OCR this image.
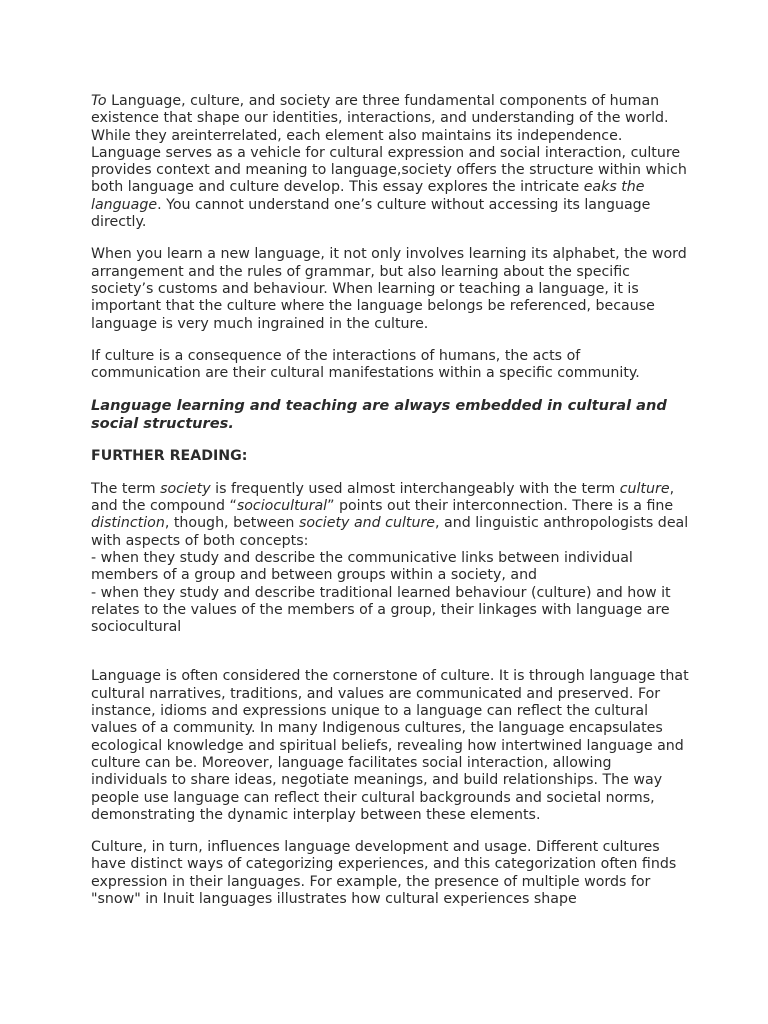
To Language, culture, and society are three fundamental components of human existence that shape our identities, interactions, and understanding of the world. While they areinterrelated, each element also maintains its independence. Language serves as a vehicle for cultural expression and social interaction, culture provides context and meaning to language,society offers the structure within which both language and culture develop. This essay explores the intricate eaks the language. You cannot understand one’s culture without accessing its language directly.

When you learn a new language, it not only involves learning its alphabet, the word arrangement and the rules of grammar, but also learning about the specific society’s customs and behaviour. When learning or teaching a language, it is important that the culture where the language belongs be referenced, because language is very much ingrained in the culture.

If culture is a consequence of the interactions of humans, the acts of communication are their cultural manifestations within a specific community.

Language learning and teaching are always embedded in cultural and social structures.

FURTHER READING:

The term society is frequently used almost interchangeably with the term culture, and the compound “sociocultural” points out their interconnection. There is a fine distinction, though, between society and culture, and linguistic anthropologists deal with aspects of both concepts:

- when they study and describe the communicative links between individual members of a group and between groups within a society, and

- when they study and describe traditional learned behaviour (culture) and how it relates to the values of the members of a group, their linkages with language are sociocultural

Language is often considered the cornerstone of culture. It is through language that cultural narratives, traditions, and values are communicated and preserved. For instance, idioms and expressions unique to a language can reflect the cultural values of a community. In many Indigenous cultures, the language encapsulates ecological knowledge and spiritual beliefs, revealing how intertwined language and culture can be. Moreover, language facilitates social interaction, allowing individuals to share ideas, negotiate meanings, and build relationships. The way people use language can reflect their cultural backgrounds and societal norms, demonstrating the dynamic interplay between these elements.

Culture, in turn, influences language development and usage. Different cultures have distinct ways of categorizing experiences, and this categorization often finds expression in their languages. For example, the presence of multiple words for "snow" in Inuit languages illustrates how cultural experiences shape
